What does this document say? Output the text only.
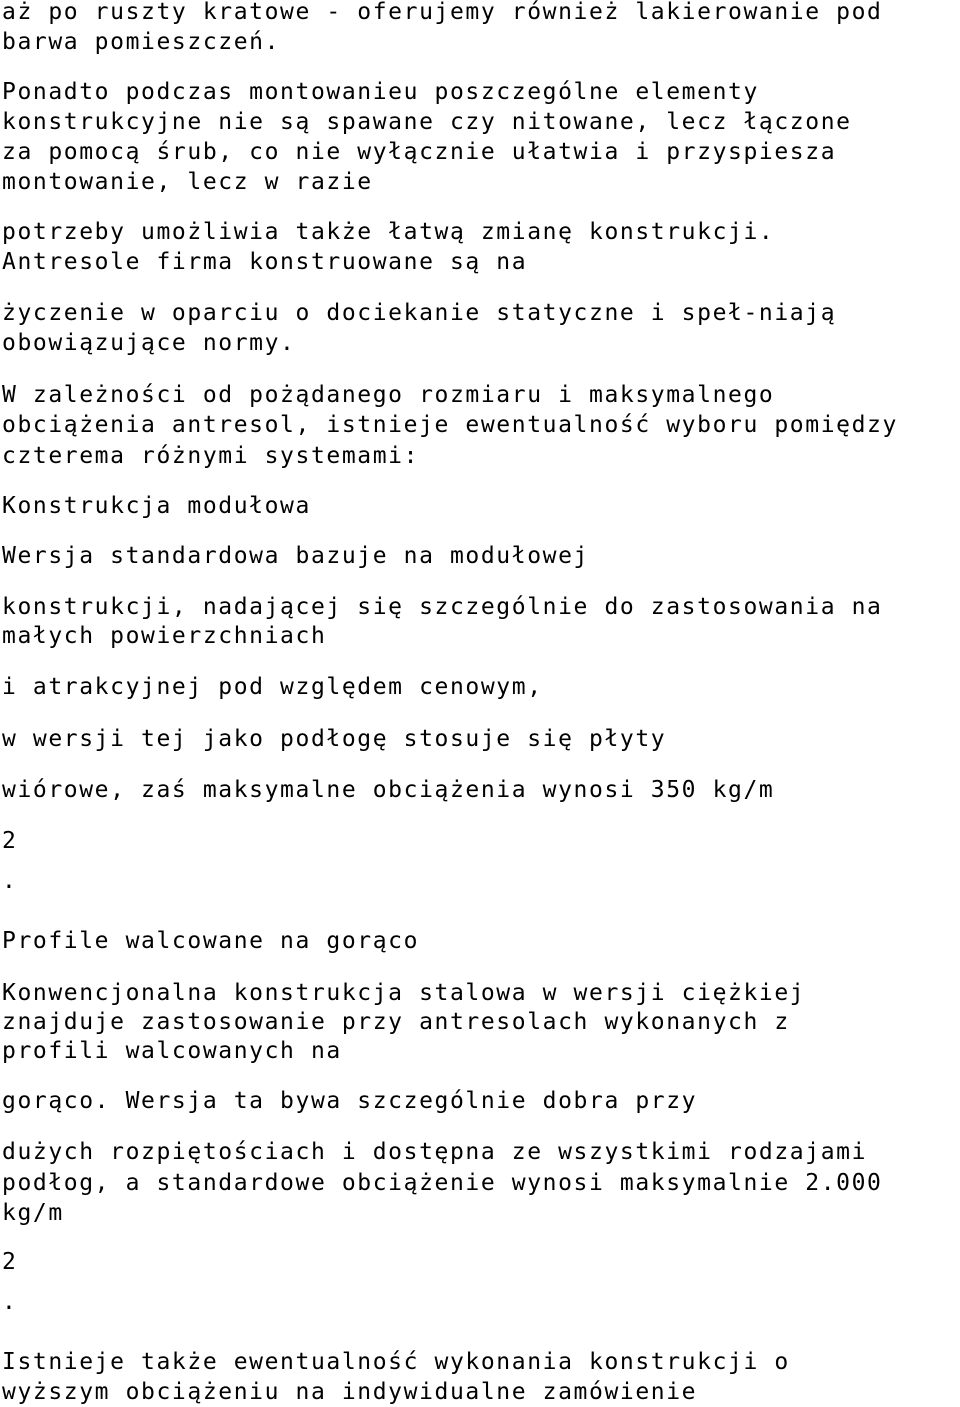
aż po ruszty kratowe - oferujemy również lakierowanie pod
barwa pomieszczeń.
Ponadto podczas montowanieu poszczególne elementy
konstrukcyjne nie są spawane czy nitowane, lecz łączone
za pomocą śrub, co nie wyłącznie ułatwia i przyspiesza
montowanie, lecz w razie
potrzeby umożliwia także łatwą zmianę konstrukcji.
Antresole firma konstruowane są na
życzenie w oparciu o dociekanie statyczne i speł-niają
obowiązujące normy.
W zależności od pożądanego rozmiaru i maksymalnego
obciążenia antresol, istnieje ewentualność wyboru pomiędzy
czterema różnymi systemami:
Konstrukcja modułowa
Wersja standardowa bazuje na modułowej
konstrukcji, nadającej się szczególnie do zastosowania na
małych powierzchniach
i atrakcyjnej pod względem cenowym,
w wersji tej jako podłogę stosuje się płyty
wiórowe, zaś maksymalne obciążenia wynosi 350 kg/m
2
.
Profile walcowane na gorąco
Konwencjonalna konstrukcja stalowa w wersji ciężkiej
znajduje zastosowanie przy antresolach wykonanych z
profili walcowanych na
gorąco. Wersja ta bywa szczególnie dobra przy
dużych rozpiętościach i dostępna ze wszystkimi rodzajami
podłog, a standardowe obciążenie wynosi maksymalnie 2.000
kg/m
2
.
Istnieje także ewentualność wykonania konstrukcji o
wyższym obciążeniu na indywidualne zamówienie
